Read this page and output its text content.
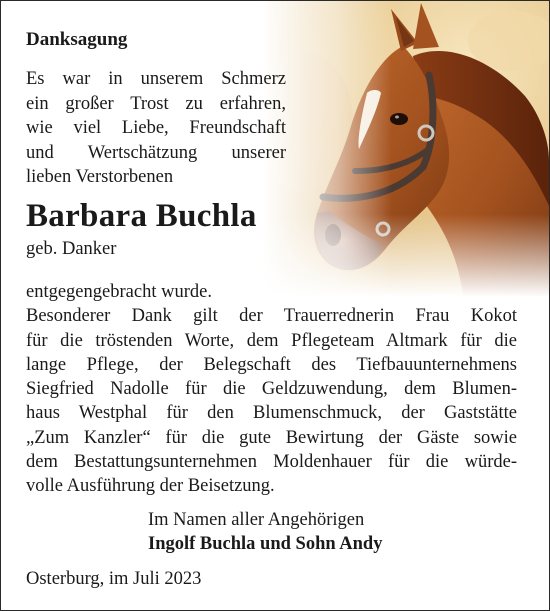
Danksagung
Es war in unserem Schmerz
ein großer Trost zu erfahren,
wie viel Liebe, Freundschaft
und Wertschätzung unserer
lieben Verstorbenen
Barbara Buchla
geb. Danker
entgegengebracht wurde.
Besonderer Dank gilt der Trauerrednerin Frau Kokot
für die tröstenden Worte, dem Pflegeteam Altmark für die
lange Pflege, der Belegschaft des Tiefbauunternehmens
Siegfried Nadolle für die Geldzuwendung, dem Blumen-
haus Westphal für den Blumenschmuck, der Gaststätte
„Zum Kanzler“ für die gute Bewirtung der Gäste sowie
dem Bestattungsunternehmen Moldenhauer für die würde-
volle Ausführung der Beisetzung.
Im Namen aller Angehörigen
Ingolf Buchla und Sohn Andy
Osterburg, im Juli 2023
